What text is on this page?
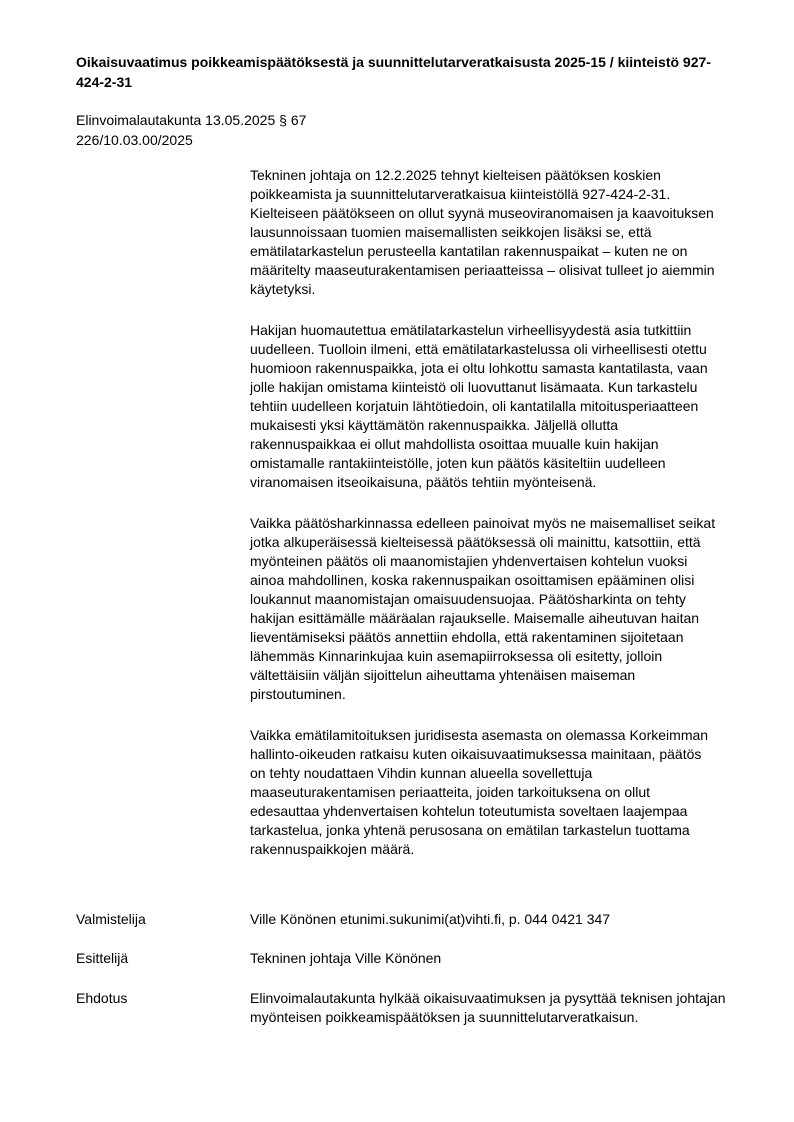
Oikaisuvaatimus poikkeamispäätöksestä ja suunnittelutarveratkaisusta 2025-15 / kiinteistö 927-424-2-31
Elinvoimalautakunta 13.05.2025 § 67
226/10.03.00/2025

Tekninen johtaja on 12.2.2025 tehnyt kielteisen päätöksen koskien poikkeamista ja suunnittelutarveratkaisua kiinteistöllä 927-424-2-31. Kielteiseen päätökseen on ollut syynä museoviranomaisen ja kaavoituksen lausunnoissaan tuomien maisemallisten seikkojen lisäksi se, että emätilatarkastelun perusteella kantatilan rakennuspaikat – kuten ne on määritelty maaseuturakentamisen periaatteissa – olisivat tulleet jo aiemmin käytetyksi.

Hakijan huomautettua emätilatarkastelun virheellisyydestä asia tutkittiin uudelleen. Tuolloin ilmeni, että emätilatarkastelussa oli virheellisesti otettu huomioon rakennuspaikka, jota ei oltu lohkottu samasta kantatilasta, vaan jolle hakijan omistama kiinteistö oli luovuttanut lisämaata. Kun tarkastelu tehtiin uudelleen korjatuin lähtötiedoin, oli kantatilalla mitoitusperiaatteen mukaisesti yksi käyttämätön rakennuspaikka. Jäljellä ollutta rakennuspaikkaa ei ollut mahdollista osoittaa muualle kuin hakijan omistamalle rantakiinteistölle, joten kun päätös käsiteltiin uudelleen viranomaisen itseoikaisuna, päätös tehtiin myönteisenä.

Vaikka päätösharkinnassa edelleen painoivat myös ne maisemalliset seikat jotka alkuperäisessä kielteisessä päätöksessä oli mainittu, katsottiin, että myönteinen päätös oli maanomistajien yhdenvertaisen kohtelun vuoksi ainoa mahdollinen, koska rakennuspaikan osoittamisen epääminen olisi loukannut maanomistajan omaisuudensuojaa. Päätösharkinta on tehty hakijan esittämälle määräalan rajaukselle. Maisemalle aiheutuvan haitan lieventämiseksi päätös annettiin ehdolla, että rakentaminen sijoitetaan lähemmäs Kinnarinkujaa kuin asemapiirroksessa oli esitetty, jolloin vältettäisiin väljän sijoittelun aiheuttama yhtenäisen maiseman pirstoutuminen.

Vaikka emätilamitoituksen juridisesta asemasta on olemassa Korkeimman hallinto-oikeuden ratkaisu kuten oikaisuvaatimuksessa mainitaan, päätös on tehty noudattaen Vihdin kunnan alueella sovellettuja maaseuturakentamisen periaatteita, joiden tarkoituksena on ollut edesauttaa yhdenvertaisen kohtelun toteutumista soveltaen laajempaa tarkastelua, jonka yhtenä perusosana on emätilan tarkastelun tuottama rakennuspaikkojen määrä.

Valmistelija	Ville Könönen etunimi.sukunimi(at)vihti.fi, p. 044 0421 347
Esittelijä	Tekninen johtaja Ville Könönen
Ehdotus	Elinvoimalautakunta hylkää oikaisuvaatimuksen ja pysyttää teknisen johtajan myönteisen poikkeamispäätöksen ja suunnittelutarveratkaisun.
